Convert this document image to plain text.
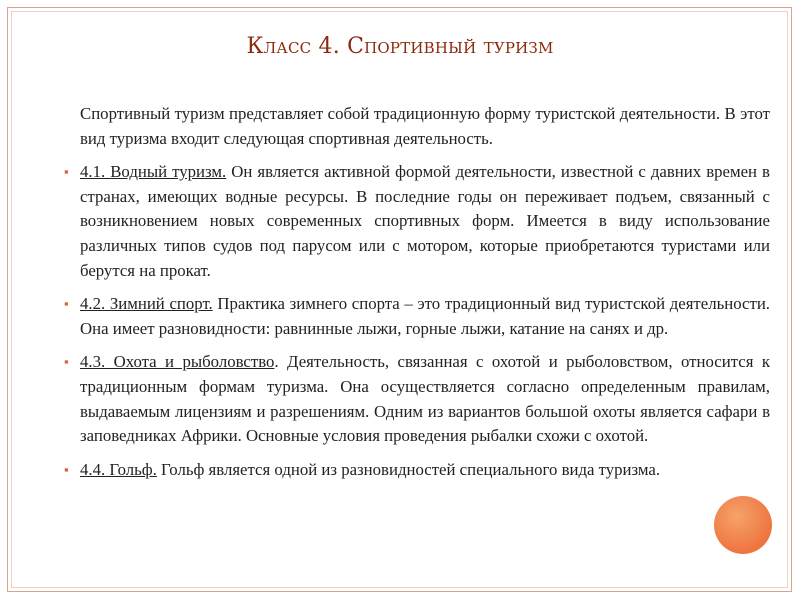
Класс 4. Спортивный туризм

Спортивный туризм представляет собой традиционную форму туристской деятельности. В этот вид туризма входит следующая спортивная деятельность.

▪ 4.1. Водный туризм. Он является активной формой деятельности, известной с давних времен в странах, имеющих водные ресурсы. В последние годы он переживает подъем, связанный с возникновением новых современных спортивных форм. Имеется в виду использование различных типов судов под парусом или с мотором, которые приобретаются туристами или берутся на прокат.

▪ 4.2. Зимний спорт. Практика зимнего спорта – это традиционный вид туристской деятельности. Она имеет разновидности: равнинные лыжи, горные лыжи, катание на санях и др.

▪ 4.3. Охота и рыболовство. Деятельность, связанная с охотой и рыболовством, относится к традиционным формам туризма. Она осуществляется согласно определенным правилам, выдаваемым лицензиям и разрешениям. Одним из вариантов большой охоты является сафари в заповедниках Африки. Основные условия проведения рыбалки схожи с охотой.

▪ 4.4. Гольф. Гольф является одной из разновидностей специального вида туризма.
